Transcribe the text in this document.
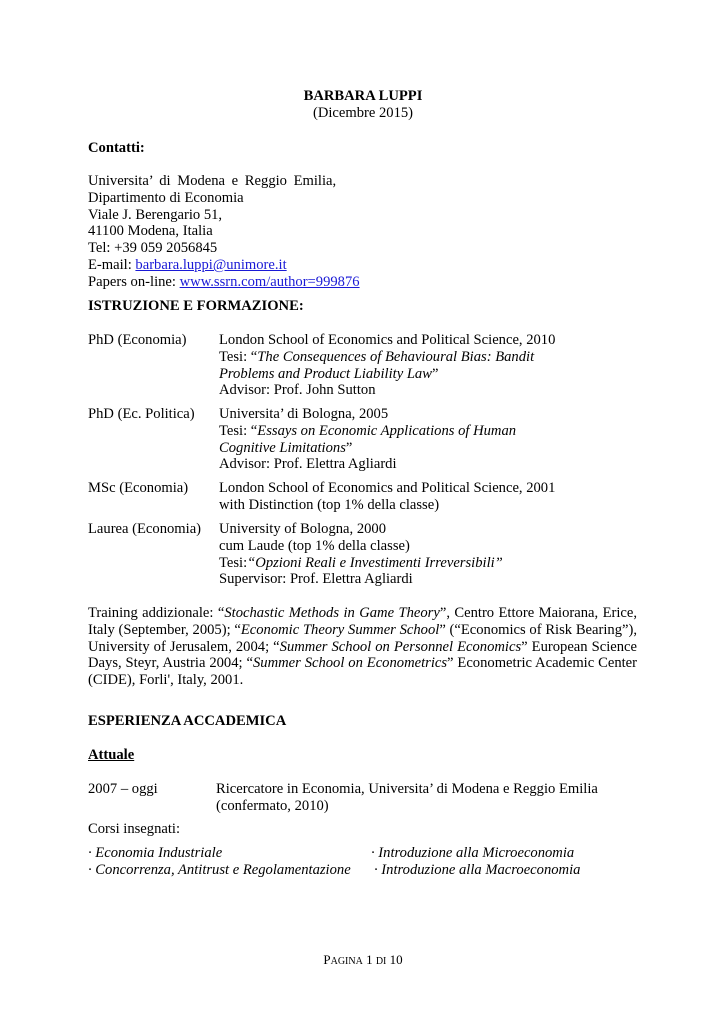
BARBARA LUPPI
(Dicembre 2015)
Contatti:
Universita’ di Modena e Reggio Emilia,
Dipartimento di Economia
Viale J. Berengario 51,
41100 Modena, Italia
Tel: +39 059 2056845
E-mail: barbara.luppi@unimore.it
Papers on-line: www.ssrn.com/author=999876
ISTRUZIONE E FORMAZIONE:
PhD (Economia)	London School of Economics and Political Science, 2010
Tesi: “The Consequences of Behavioural Bias: Bandit
Problems and Product Liability Law”
Advisor: Prof. John Sutton
PhD (Ec. Politica)	Universita’ di Bologna, 2005
Tesi: “Essays on Economic Applications of Human
Cognitive Limitations”
Advisor: Prof. Elettra Agliardi
MSc (Economia)	London School of Economics and Political Science, 2001
with Distinction (top 1% della classe)
Laurea (Economia)	University of Bologna, 2000
cum Laude (top 1% della classe)
Tesi:“Opzioni Reali e Investimenti Irreversibili”
Supervisor: Prof. Elettra Agliardi
Training addizionale: “Stochastic Methods in Game Theory”, Centro Ettore Maiorana, Erice,
Italy (September, 2005); “Economic Theory Summer School” (“Economics of Risk Bearing”),
University of Jerusalem, 2004; “Summer School on Personnel Economics” European Science
Days, Steyr, Austria 2004; “Summer School on Econometrics” Econometric Academic Center
(CIDE), Forli', Italy, 2001.
ESPERIENZA ACCADEMICA
Attuale
2007 – oggi	Ricercatore in Economia, Universita’ di Modena e Reggio Emilia
(confermato, 2010)
Corsi insegnati:
· Economia Industriale	· Introduzione alla Microeconomia
· Concorrenza, Antitrust e Regolamentazione · Introduzione alla Macroeconomia
PAGINA 1 DI 10
